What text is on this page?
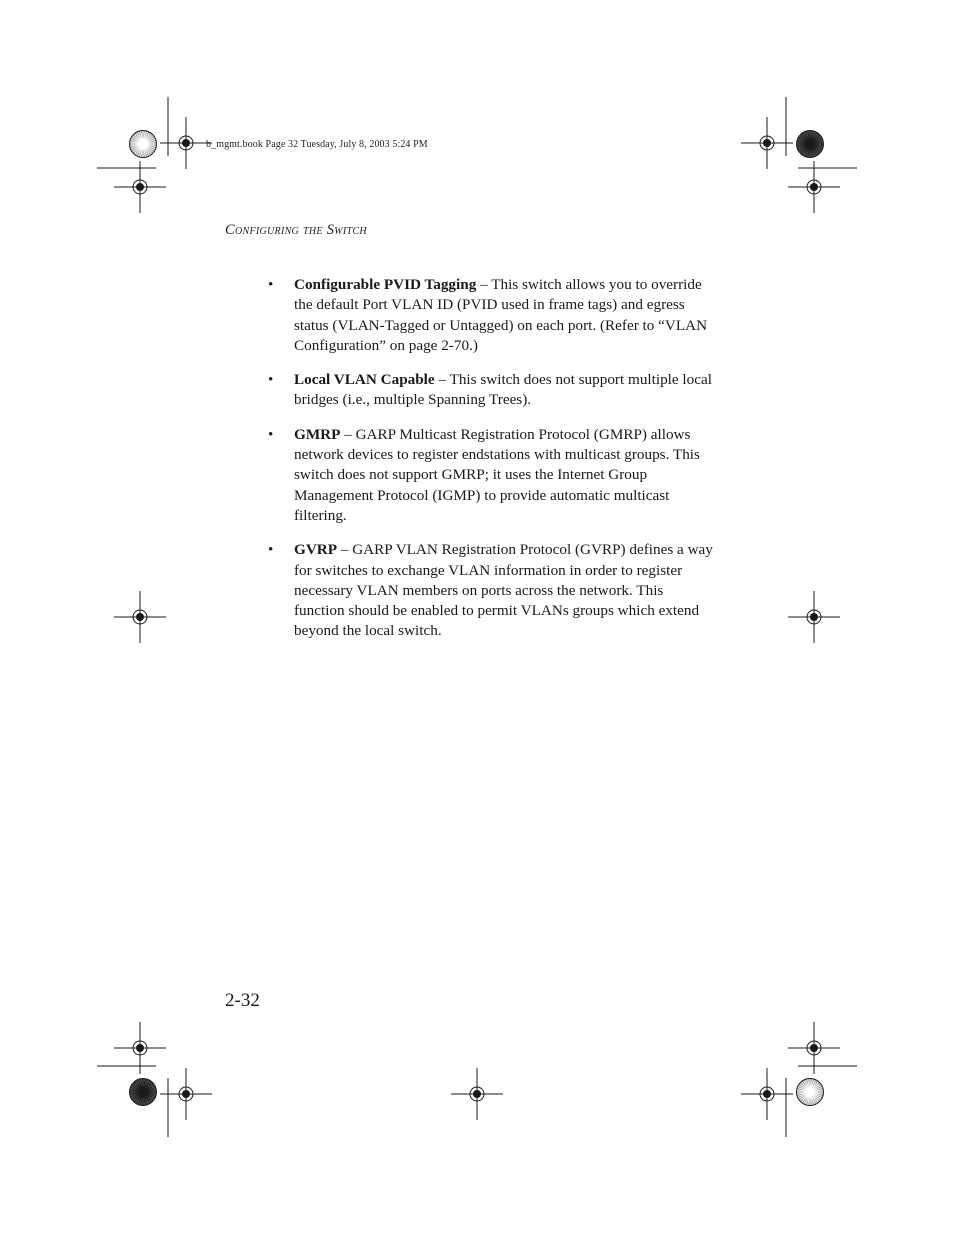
b_mgmt.book Page 32 Tuesday, July 8, 2003 5:24 PM
Configuring the Switch
• Configurable PVID Tagging – This switch allows you to override the default Port VLAN ID (PVID used in frame tags) and egress status (VLAN-Tagged or Untagged) on each port. (Refer to “VLAN Configuration” on page 2-70.)
• Local VLAN Capable – This switch does not support multiple local bridges (i.e., multiple Spanning Trees).
• GMRP – GARP Multicast Registration Protocol (GMRP) allows network devices to register endstations with multicast groups. This switch does not support GMRP; it uses the Internet Group Management Protocol (IGMP) to provide automatic multicast filtering.
• GVRP – GARP VLAN Registration Protocol (GVRP) defines a way for switches to exchange VLAN information in order to register necessary VLAN members on ports across the network. This function should be enabled to permit VLANs groups which extend beyond the local switch.
2-32
